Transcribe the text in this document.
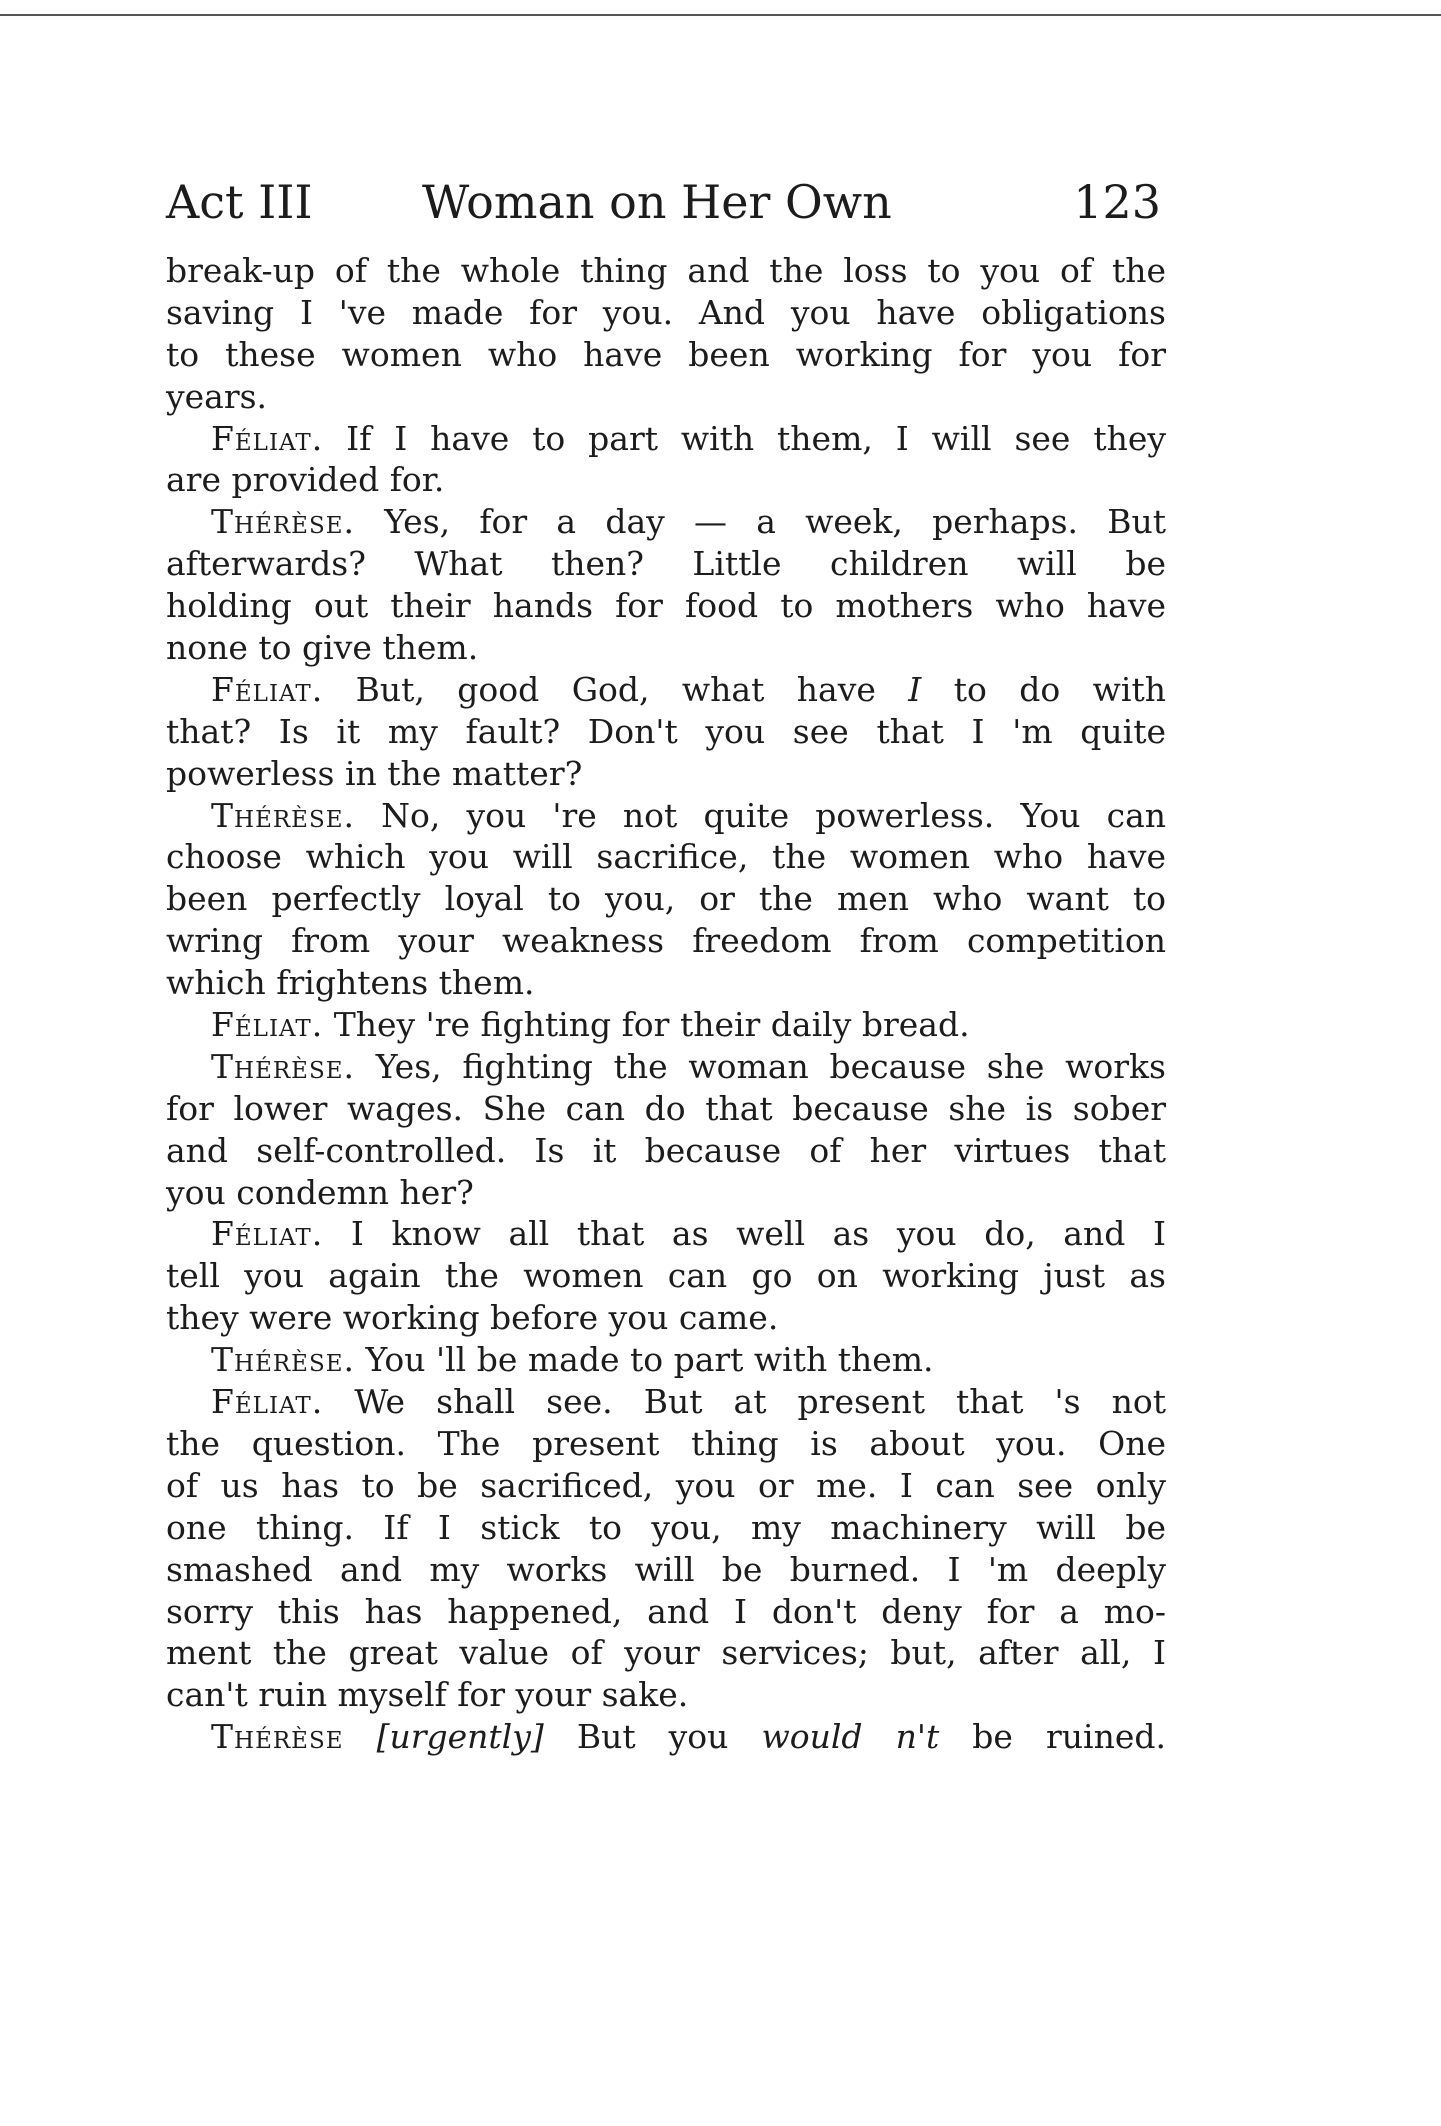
Act III Woman on Her Own	123
break-up of the whole thing and the loss to you of the
saving I 've made for you. And you have obligations
to these women who have been working for you for
years.
Féliat. If I have to part with them, I will see they
are provided for.
Thérèse. Yes, for a day — a week, perhaps. But
afterwards? What then? Little children will be
holding out their hands for food to mothers who have
none to give them.
Féliat. But, good God, what have I to do with
that? Is it my fault? Don't you see that I 'm quite
powerless in the matter?
Thérèse. No, you 're not quite powerless. You can
choose which you will sacrifice, the women who have
been perfectly loyal to you, or the men who want to
wring from your weakness freedom from competition
which frightens them.
Féliat. They 're fighting for their daily bread.
Thérèse. Yes, fighting the woman because she works
for lower wages. She can do that because she is sober
and self-controlled. Is it because of her virtues that
you condemn her?
Féliat. I know all that as well as you do, and I
tell you again the women can go on working just as
they were working before you came.
Thérèse. You 'll be made to part with them.
Féliat. We shall see. But at present that 's not
the question. The present thing is about you. One
of us has to be sacrificed, you or me. I can see only
one thing. If I stick to you, my machinery will be
smashed and my works will be burned. I 'm deeply
sorry this has happened, and I don't deny for a mo-
ment the great value of your services; but, after all, I
can't ruin myself for your sake.
Thérèse [urgently] But you would n't be ruined.
